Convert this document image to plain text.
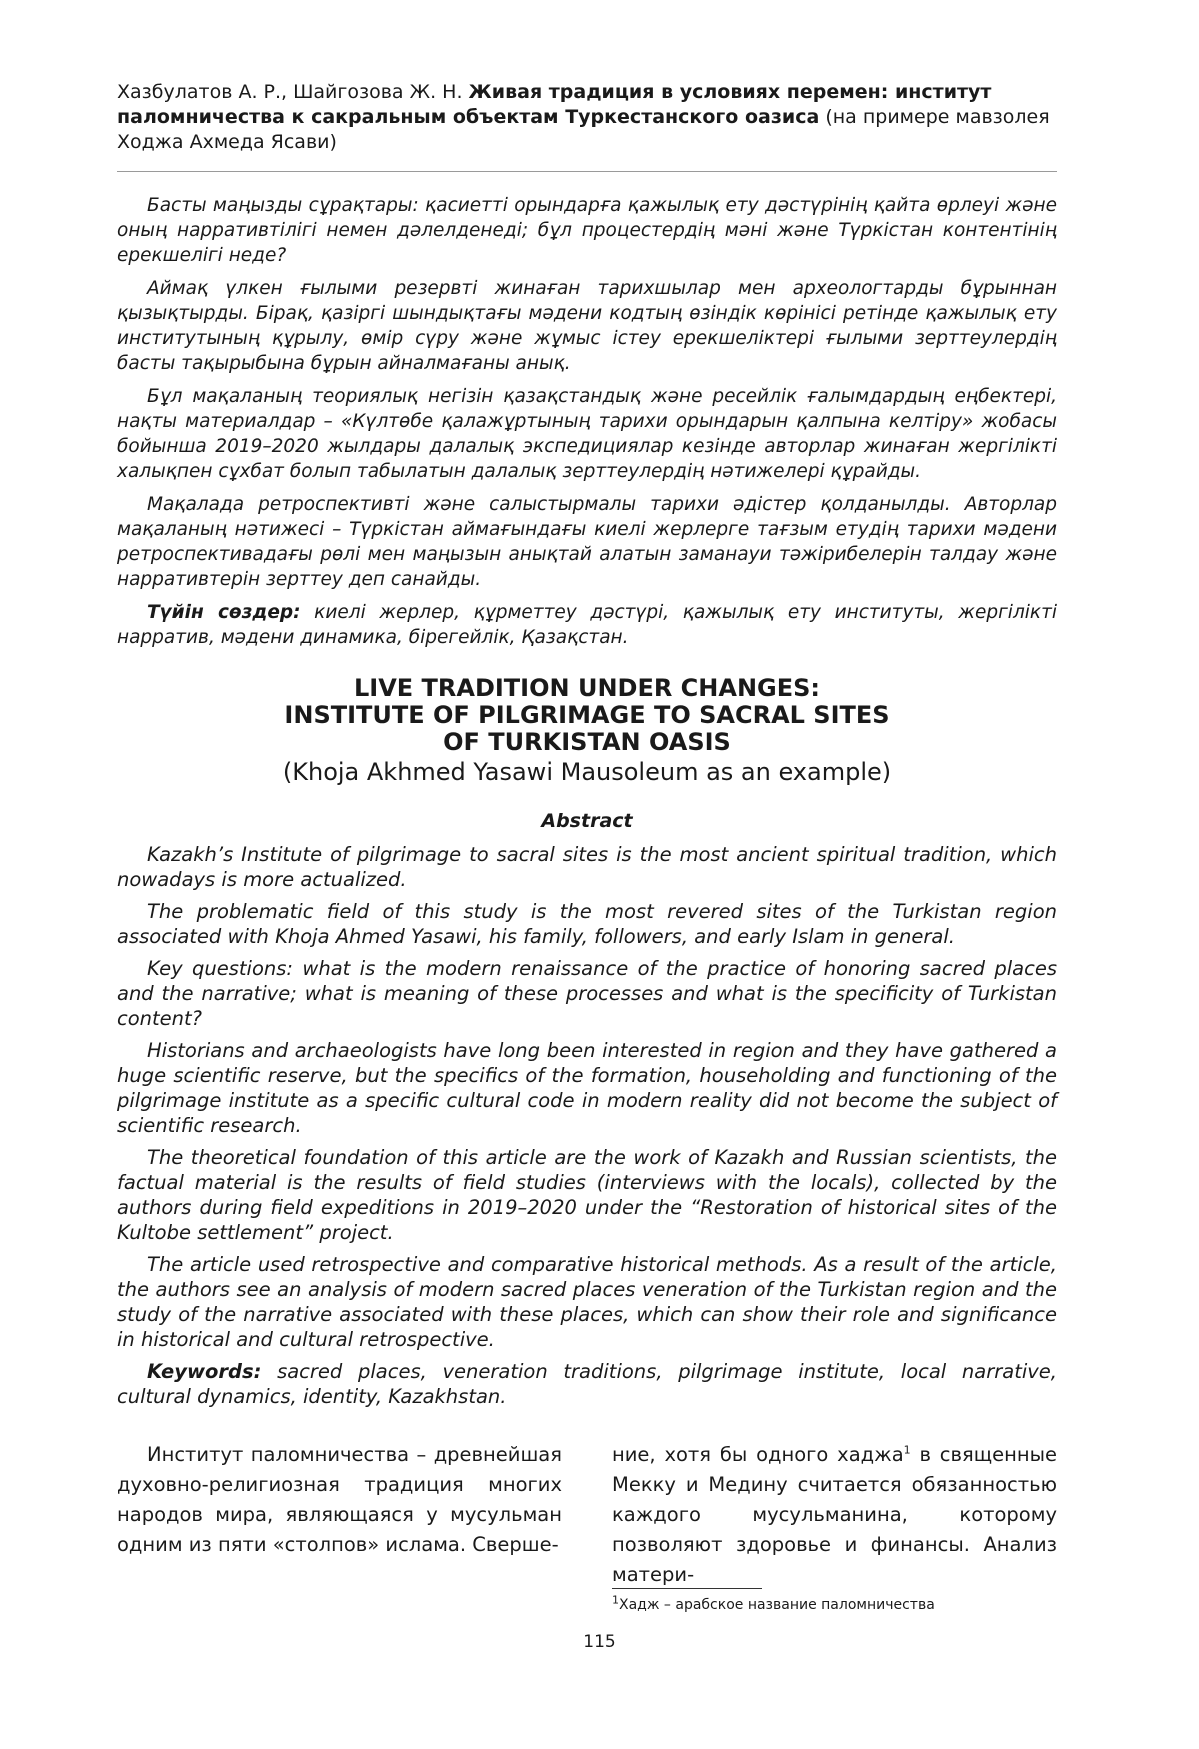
Хазбулатов А. Р., Шайгозова Ж. Н. Живая традиция в условиях перемен: институт паломничества к сакральным объектам Туркестанского оазиса (на примере мавзолея Ходжа Ахмеда Ясави)

Басты маңызды сұрақтары: қасиетті орындарға қажылық ету дәстүрінің қайта өрлеуі және оның нарративтілігі немен дәлелденеді; бұл процестердің мәні және Түркістан контентінің ерекшелігі неде?

Аймақ үлкен ғылыми резервті жинаған тарихшылар мен археологтарды бұрыннан қызықтырды. Бірақ, қазіргі шындықтағы мәдени кодтың өзіндік көрінісі ретінде қажылық ету институтының құрылу, өмір сүру және жұмыс істеу ерекшеліктері ғылыми зерттеулердің басты тақырыбына бұрын айналмағаны анық.

Бұл мақаланың теориялық негізін қазақстандық және ресейлік ғалымдардың еңбектері, нақты материалдар – «Күлтөбе қалажұртының тарихи орындарын қалпына келтіру» жобасы бойынша 2019–2020 жылдары далалық экспедициялар кезінде авторлар жинаған жергілікті халықпен сұхбат болып табылатын далалық зерттеулердің нәтижелері құрайды.

Мақалада ретроспективті және салыстырмалы тарихи әдістер қолданылды. Авторлар мақаланың нәтижесі – Түркістан аймағындағы киелі жерлерге тағзым етудің тарихи мәдени ретроспективадағы рөлі мен маңызын анықтай алатын заманауи тәжірибелерін талдау және нарративтерін зерттеу деп санайды.

Түйін сөздер: киелі жерлер, құрметтеу дәстүрі, қажылық ету институты, жергілікті нарратив, мәдени динамика, бірегейлік, Қазақстан.

LIVE TRADITION UNDER CHANGES:
INSTITUTE OF PILGRIMAGE TO SACRAL SITES
OF TURKISTAN OASIS
(Khoja Akhmed Yasawi Mausoleum as an example)
Abstract

Kazakh’s Institute of pilgrimage to sacral sites is the most ancient spiritual tradition, which nowadays is more actualized.

The problematic field of this study is the most revered sites of the Turkistan region associated with Khoja Ahmed Yasawi, his family, followers, and early Islam in general.

Key questions: what is the modern renaissance of the practice of honoring sacred places and the narrative; what is meaning of these processes and what is the specificity of Turkistan content?

Historians and archaeologists have long been interested in region and they have gathered a huge scientific reserve, but the specifics of the formation, householding and functioning of the pilgrimage institute as a specific cultural code in modern reality did not become the subject of scientific research.

The theoretical foundation of this article are the work of Kazakh and Russian scientists, the factual material is the results of field studies (interviews with the locals), collected by the authors during field expeditions in 2019–2020 under the “Restoration of historical sites of the Kultobe settlement” project.

The article used retrospective and comparative historical methods. As a result of the article, the authors see an analysis of modern sacred places veneration of the Turkistan region and the study of the narrative associated with these places, which can show their role and significance in historical and cultural retrospective.

Keywords: sacred places, veneration traditions, pilgrimage institute, local narrative, cultural dynamics, identity, Kazakhstan.

Институт паломничества – древнейшая духовно-религиозная традиция многих народов мира, являющаяся у мусульман одним из пяти «столпов» ислама. Сверше-
ние, хотя бы одного хаджа$^1$ в священные Мекку и Медину считается обязанностью каждого мусульманина, которому позволяют здоровье и финансы. Анализ матери-
$^1$Хадж – арабское название паломничества
115
